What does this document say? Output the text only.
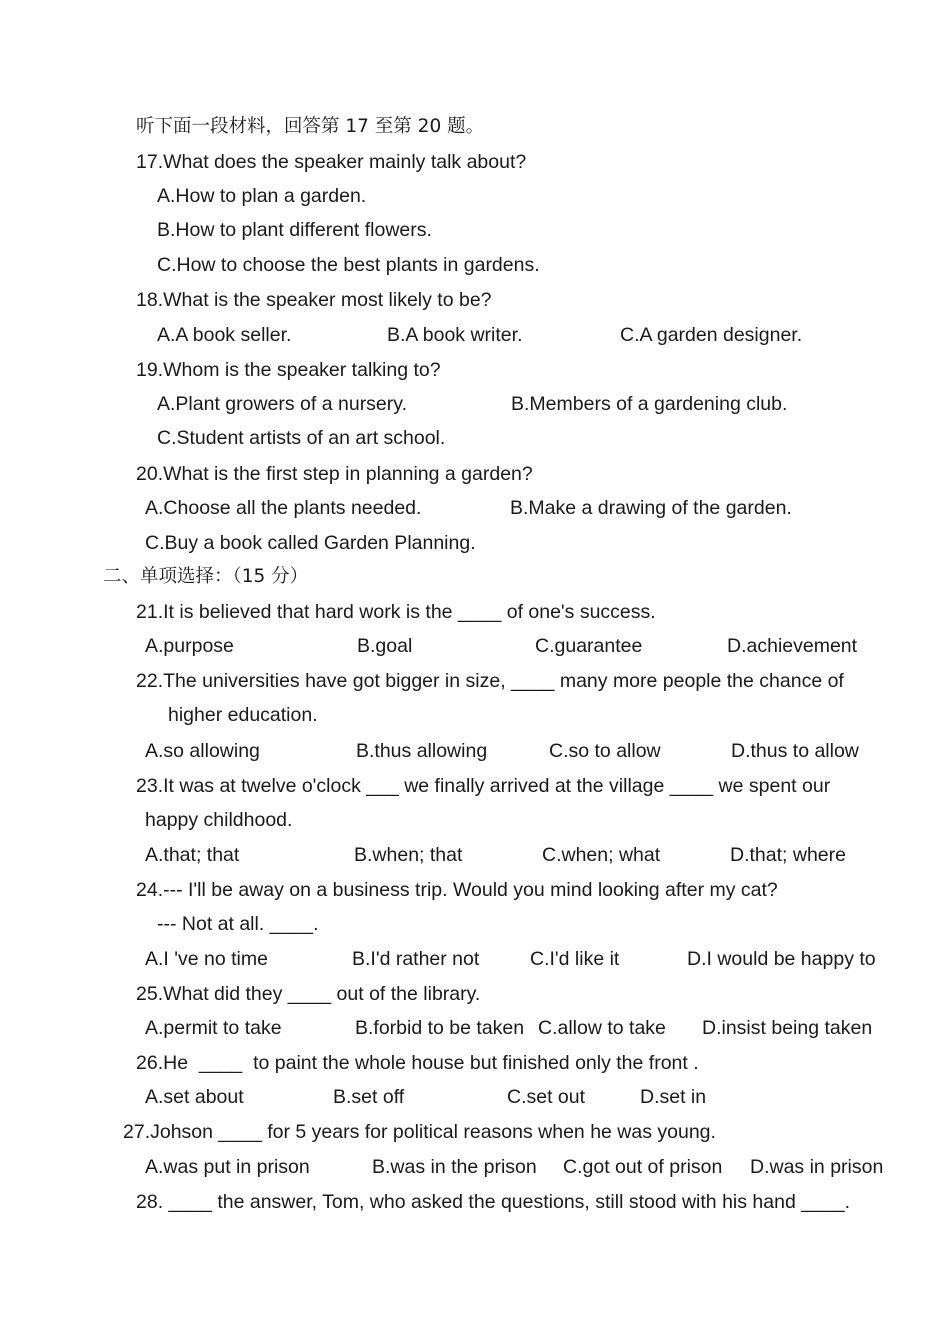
听下面一段材料，回答第 17 至第 20 题。
17.What does the speaker mainly talk about?
A.How to plan a garden.
B.How to plant different flowers.
C.How to choose the best plants in gardens.
18.What is the speaker most likely to be?
A.A book seller.	B.A book writer.	C.A garden designer.
19.Whom is the speaker talking to?
A.Plant growers of a nursery.	B.Members of a gardening club.
C.Student artists of an art school.
20.What is the first step in planning a garden?
A.Choose all the plants needed.	B.Make a drawing of the garden.
C.Buy a book called Garden Planning.
二、单项选择：（15 分）
21.It is believed that hard work is the ____ of one's success.
A.purpose	B.goal	C.guarantee	D.achievement
22.The universities have got bigger in size, ____ many more people the chance of
higher education.
A.so allowing	B.thus allowing	C.so to allow	D.thus to allow
23.It was at twelve o'clock ___ we finally arrived at the village ____ we spent our
happy childhood.
A.that; that	B.when; that	C.when; what	D.that; where
24.--- I'll be away on a business trip. Would you mind looking after my cat?
--- Not at all. ____.
A.I 've no time	B.I'd rather not	C.I'd like it	D.I would be happy to
25.What did they ____ out of the library.
A.permit to take	B.forbid to be taken C.allow to take D.insist being taken
26.He  ____  to paint the whole house but finished only the front .
A.set about	B.set off	C.set out	D.set in
27.Johson ____ for 5 years for political reasons when he was young.
A.was put in prison	B.was in the prison C.got out of prison D.was in prison
28. ____ the answer, Tom, who asked the questions, still stood with his hand ____.
